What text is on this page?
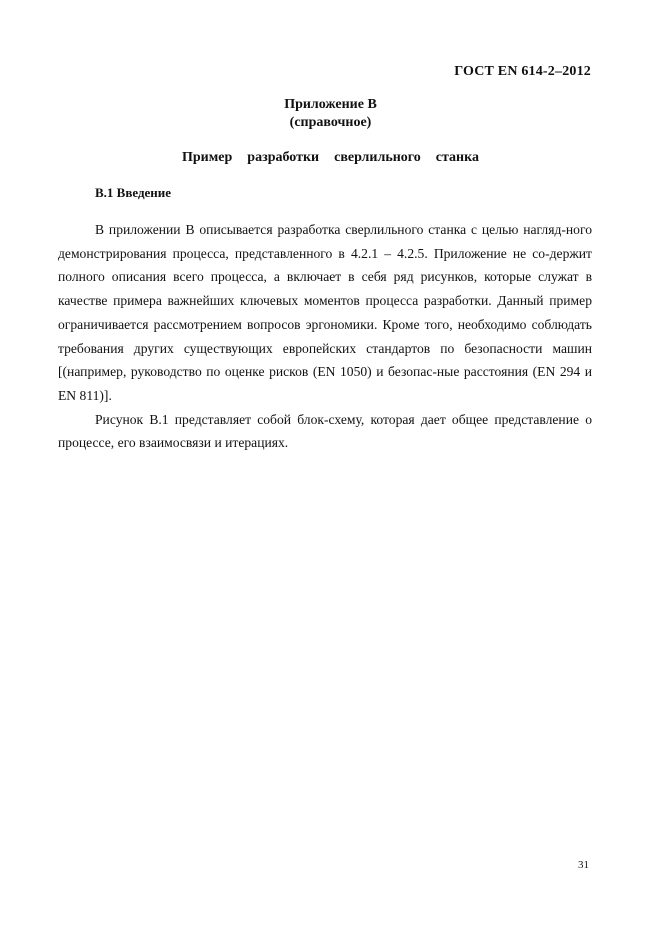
ГОСТ EN 614-2–2012
Приложение В
(справочное)
Пример  разработки  сверлильного  станка
В.1 Введение

В приложении В описывается разработка сверлильного станка с целью нагляд-ного демонстрирования процесса, представленного в 4.2.1 – 4.2.5. Приложение не со-держит полного описания всего процесса, а включает в себя ряд рисунков, которые служат в качестве примера важнейших ключевых моментов процесса разработки. Данный пример ограничивается рассмотрением вопросов эргономики. Кроме того, необходимо соблюдать требования других существующих европейских стандартов по безопасности машин [(например, руководство по оценке рисков (EN 1050) и безопас-ные расстояния (EN 294 и EN 811)].

Рисунок В.1 представляет собой блок-схему, которая дает общее представление о процессе, его взаимосвязи и итерациях.

31
